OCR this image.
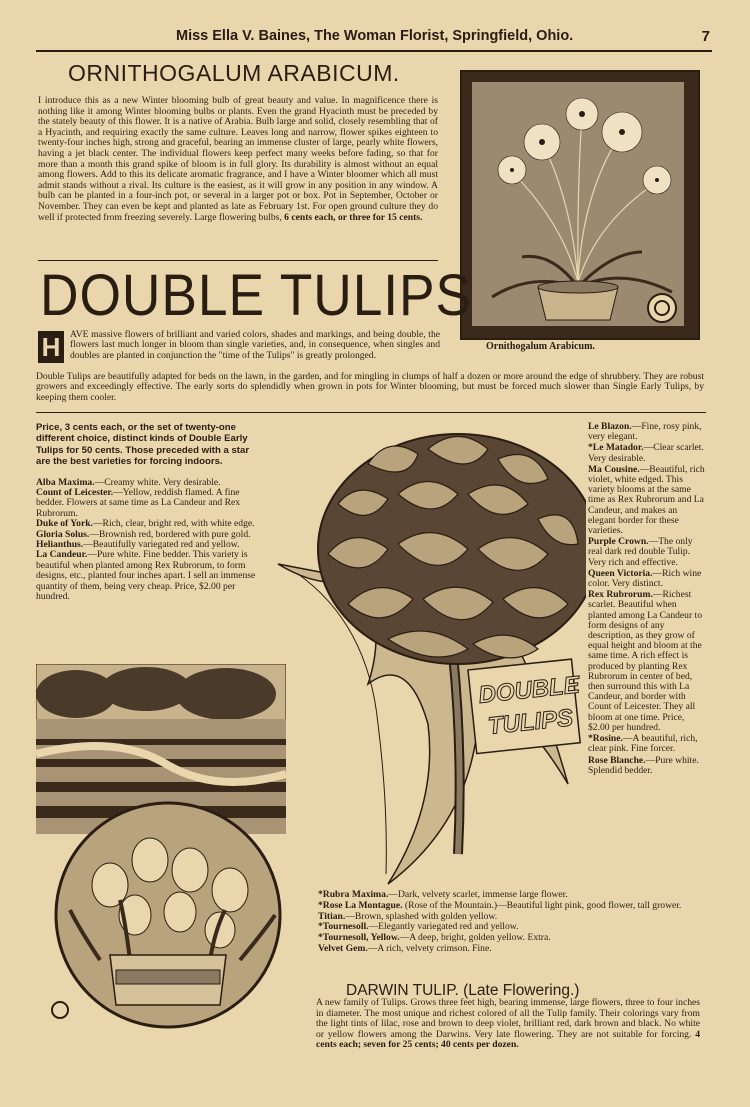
Miss Ella V. Baines, The Woman Florist, Springfield, Ohio.	7
ORNITHOGALUM ARABICUM.
I introduce this as a new Winter blooming bulb of great beauty and value. In magnificence there is nothing like it among Winter blooming bulbs or plants. Even the grand Hyacinth must be preceded by the stately beauty of this flower. It is a native of Arabia. Bulb large and solid, closely resembling that of a Hyacinth, and requiring exactly the same culture. Leaves long and narrow, flower spikes eighteen to twenty-four inches high, strong and graceful, bearing an immense cluster of large, pearly white flowers, having a jet black center. The individual flowers keep perfect many weeks before fading, so that for more than a month this grand spike of bloom is in full glory. Its durability is almost without an equal among flowers. Add to this its delicate aromatic fragrance, and I have a Winter bloomer which all must admit stands without a rival. Its culture is the easiest, as it will grow in any position in any window. A bulb can be planted in a four-inch pot, or several in a larger pot or box. Pot in September, October or November. They can even be kept and planted as late as February 1st. For open ground culture they do well if protected from freezing severely. Large flowering bulbs, 6 cents each, or three for 15 cents.
Ornithogalum Arabicum.
DOUBLE TULIPS
H	AVE massive flowers of brilliant and varied colors, shades and markings, and being double, the flowers last much longer in bloom than single varieties, and, in consequence, when singles and doubles are planted in conjunction the "time of the Tulips" is greatly prolonged.
Double Tulips are beautifully adapted for beds on the lawn, in the garden, and for mingling in clumps of half a dozen or more around the edge of shrubbery. They are robust growers and exceedingly effective. The early sorts do splendidly when grown in pots for Winter blooming, but must be forced much slower than Single Early Tulips, by keeping them cooler.
Price, 3 cents each, or the set of twenty-one different choice, distinct kinds of Double Early Tulips for 50 cents. Those preceded with a star are the best varieties for forcing indoors.

Alba Maxima.—Creamy white. Very desirable.

Count of Leicester.—Yellow, reddish flamed. A fine bedder. Flowers at same time as La Candeur and Rex Rubrorum.

Duke of York.—Rich, clear, bright red, with white edge.

Gloria Solus.—Brownish red, bordered with pure gold.

Helianthus.—Beautifully variegated red and yellow.

La Candeur.—Pure white. Fine bedder. This variety is beautiful when planted among Rex Rubrorum, to form designs, etc., planted four inches apart. I sell an immense quantity of them, being very cheap. Price, $2.00 per hundred.

Le Blazon.—Fine, rosy pink, very elegant.

*Le Matador.—Clear scarlet. Very desirable.

Ma Cousine.—Beautiful, rich violet, white edged. This variety blooms at the same time as Rex Rubrorum and La Candeur, and makes an elegant border for these varieties.

Purple Crown.—The only real dark red double Tulip. Very rich and effective.

Queen Victoria.—Rich wine color. Very distinct.

Rex Rubrorum.—Richest scarlet. Beautiful when planted among La Candeur to form designs of any description, as they grow of equal height and bloom at the same time. A rich effect is produced by planting Rex Rubrorum in center of bed, then surround this with La Candeur, and border with Count of Leicester. They all bloom at one time. Price, $2.00 per hundred.

*Rosine.—A beautiful, rich, clear pink. Fine forcer.

Rose Blanche.—Pure white. Splendid bedder.

DOUBLE
TULIPS

*Rubra Maxima.—Dark, velvety scarlet, immense large flower.

*Rose La Montague. (Rose of the Mountain.)—Beautiful light pink, good flower, tall grower.

Titian.—Brown, splashed with golden yellow.

*Tournesoll.—Elegantly variegated red and yellow.

*Tournesoll, Yellow.—A deep, bright, golden yellow. Extra.

Velvet Gem.—A rich, velvety crimson. Fine.

DARWIN TULIP. (Late Flowering.)
A new family of Tulips. Grows three feet high, bearing immense, large flowers, three to four inches in diameter. The most unique and richest colored of all the Tulip family. Their colorings vary from the light tints of lilac, rose and brown to deep violet, brilliant red, dark brown and black. No white or yellow flowers among the Darwins. Very late flowering. They are not suitable for forcing. 4 cents each; seven for 25 cents; 40 cents per dozen.
